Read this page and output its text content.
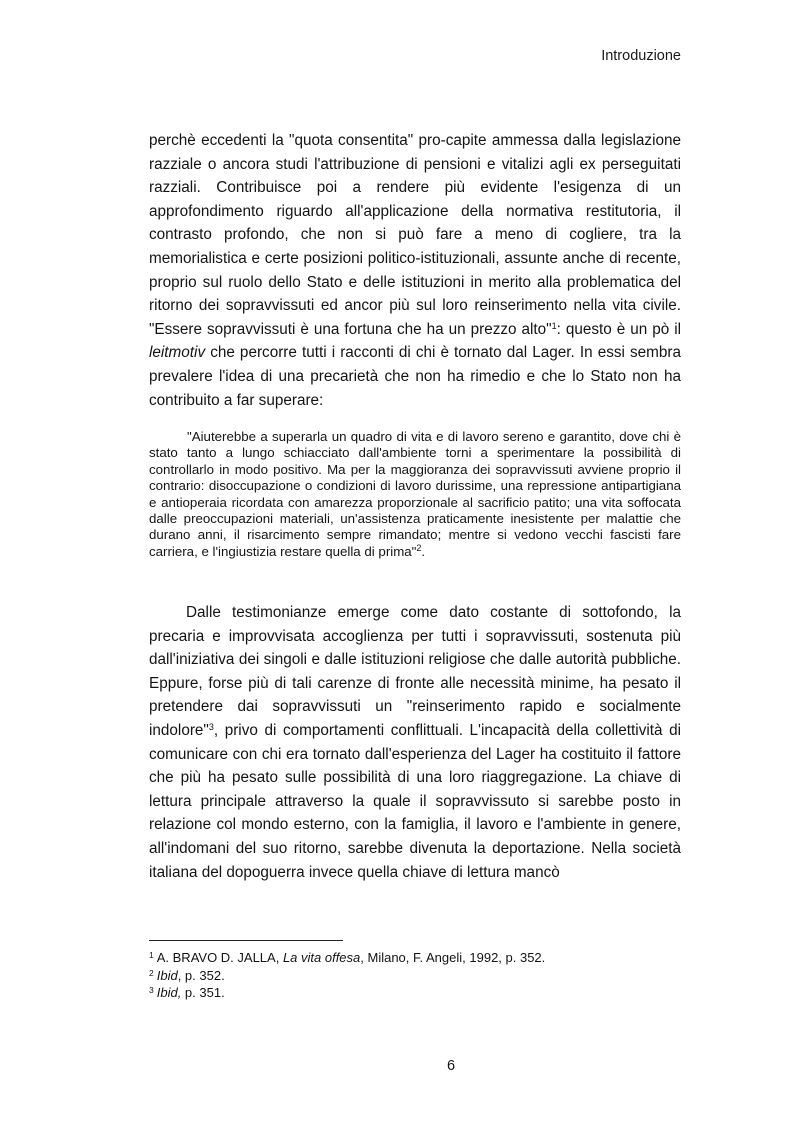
Introduzione

perchè eccedenti la "quota consentita" pro-capite ammessa dalla legislazione razziale o ancora studi l'attribuzione di pensioni e vitalizi agli ex perseguitati razziali. Contribuisce poi a rendere più evidente l'esigenza di un approfondimento riguardo all'applicazione della normativa restitutoria, il contrasto profondo, che non si può fare a meno di cogliere, tra la memorialistica e certe posizioni politico-istituzionali, assunte anche di recente, proprio sul ruolo dello Stato e delle istituzioni in merito alla problematica del ritorno dei sopravvissuti ed ancor più sul loro reinserimento nella vita civile. "Essere sopravvissuti è una fortuna che ha un prezzo alto"$^1$: questo è un pò il leitmotiv che percorre tutti i racconti di chi è tornato dal Lager. In essi sembra prevalere l'idea di una precarietà che non ha rimedio e che lo Stato non ha contribuito a far superare:

"Aiuterebbe a superarla un quadro di vita e di lavoro sereno e garantito, dove chi è stato tanto a lungo schiacciato dall'ambiente torni a sperimentare la possibilità di controllarlo in modo positivo. Ma per la maggioranza dei sopravvissuti avviene proprio il contrario: disoccupazione o condizioni di lavoro durissime, una repressione antipartigiana e antioperaia ricordata con amarezza proporzionale al sacrificio patito; una vita soffocata dalle preoccupazioni materiali, un'assistenza praticamente inesistente per malattie che durano anni, il risarcimento sempre rimandato; mentre si vedono vecchi fascisti fare carriera, e l'ingiustizia restare quella di prima"$^2$.
Dalle testimonianze emerge come dato costante di sottofondo, la precaria e improvvisata accoglienza per tutti i sopravvissuti, sostenuta più dall'iniziativa dei singoli e dalle istituzioni religiose che dalle autorità pubbliche. Eppure, forse più di tali carenze di fronte alle necessità minime, ha pesato il pretendere dai sopravvissuti un "reinserimento rapido e socialmente indolore"$^3$, privo di comportamenti conflittuali. L'incapacità della collettività di comunicare con chi era tornato dall'esperienza del Lager ha costituito il fattore che più ha pesato sulle possibilità di una loro riaggregazione. La chiave di lettura principale attraverso la quale il sopravvissuto si sarebbe posto in relazione col mondo esterno, con la famiglia, il lavoro e l'ambiente in genere, all'indomani del suo ritorno, sarebbe divenuta la deportazione. Nella società italiana del dopoguerra invece quella chiave di lettura mancò

$^1$ A. BRAVO D. JALLA, La vita offesa, Milano, F. Angeli, 1992, p. 352.

$^2$ Ibid, p. 352.

$^3$ Ibid, p. 351.

6
